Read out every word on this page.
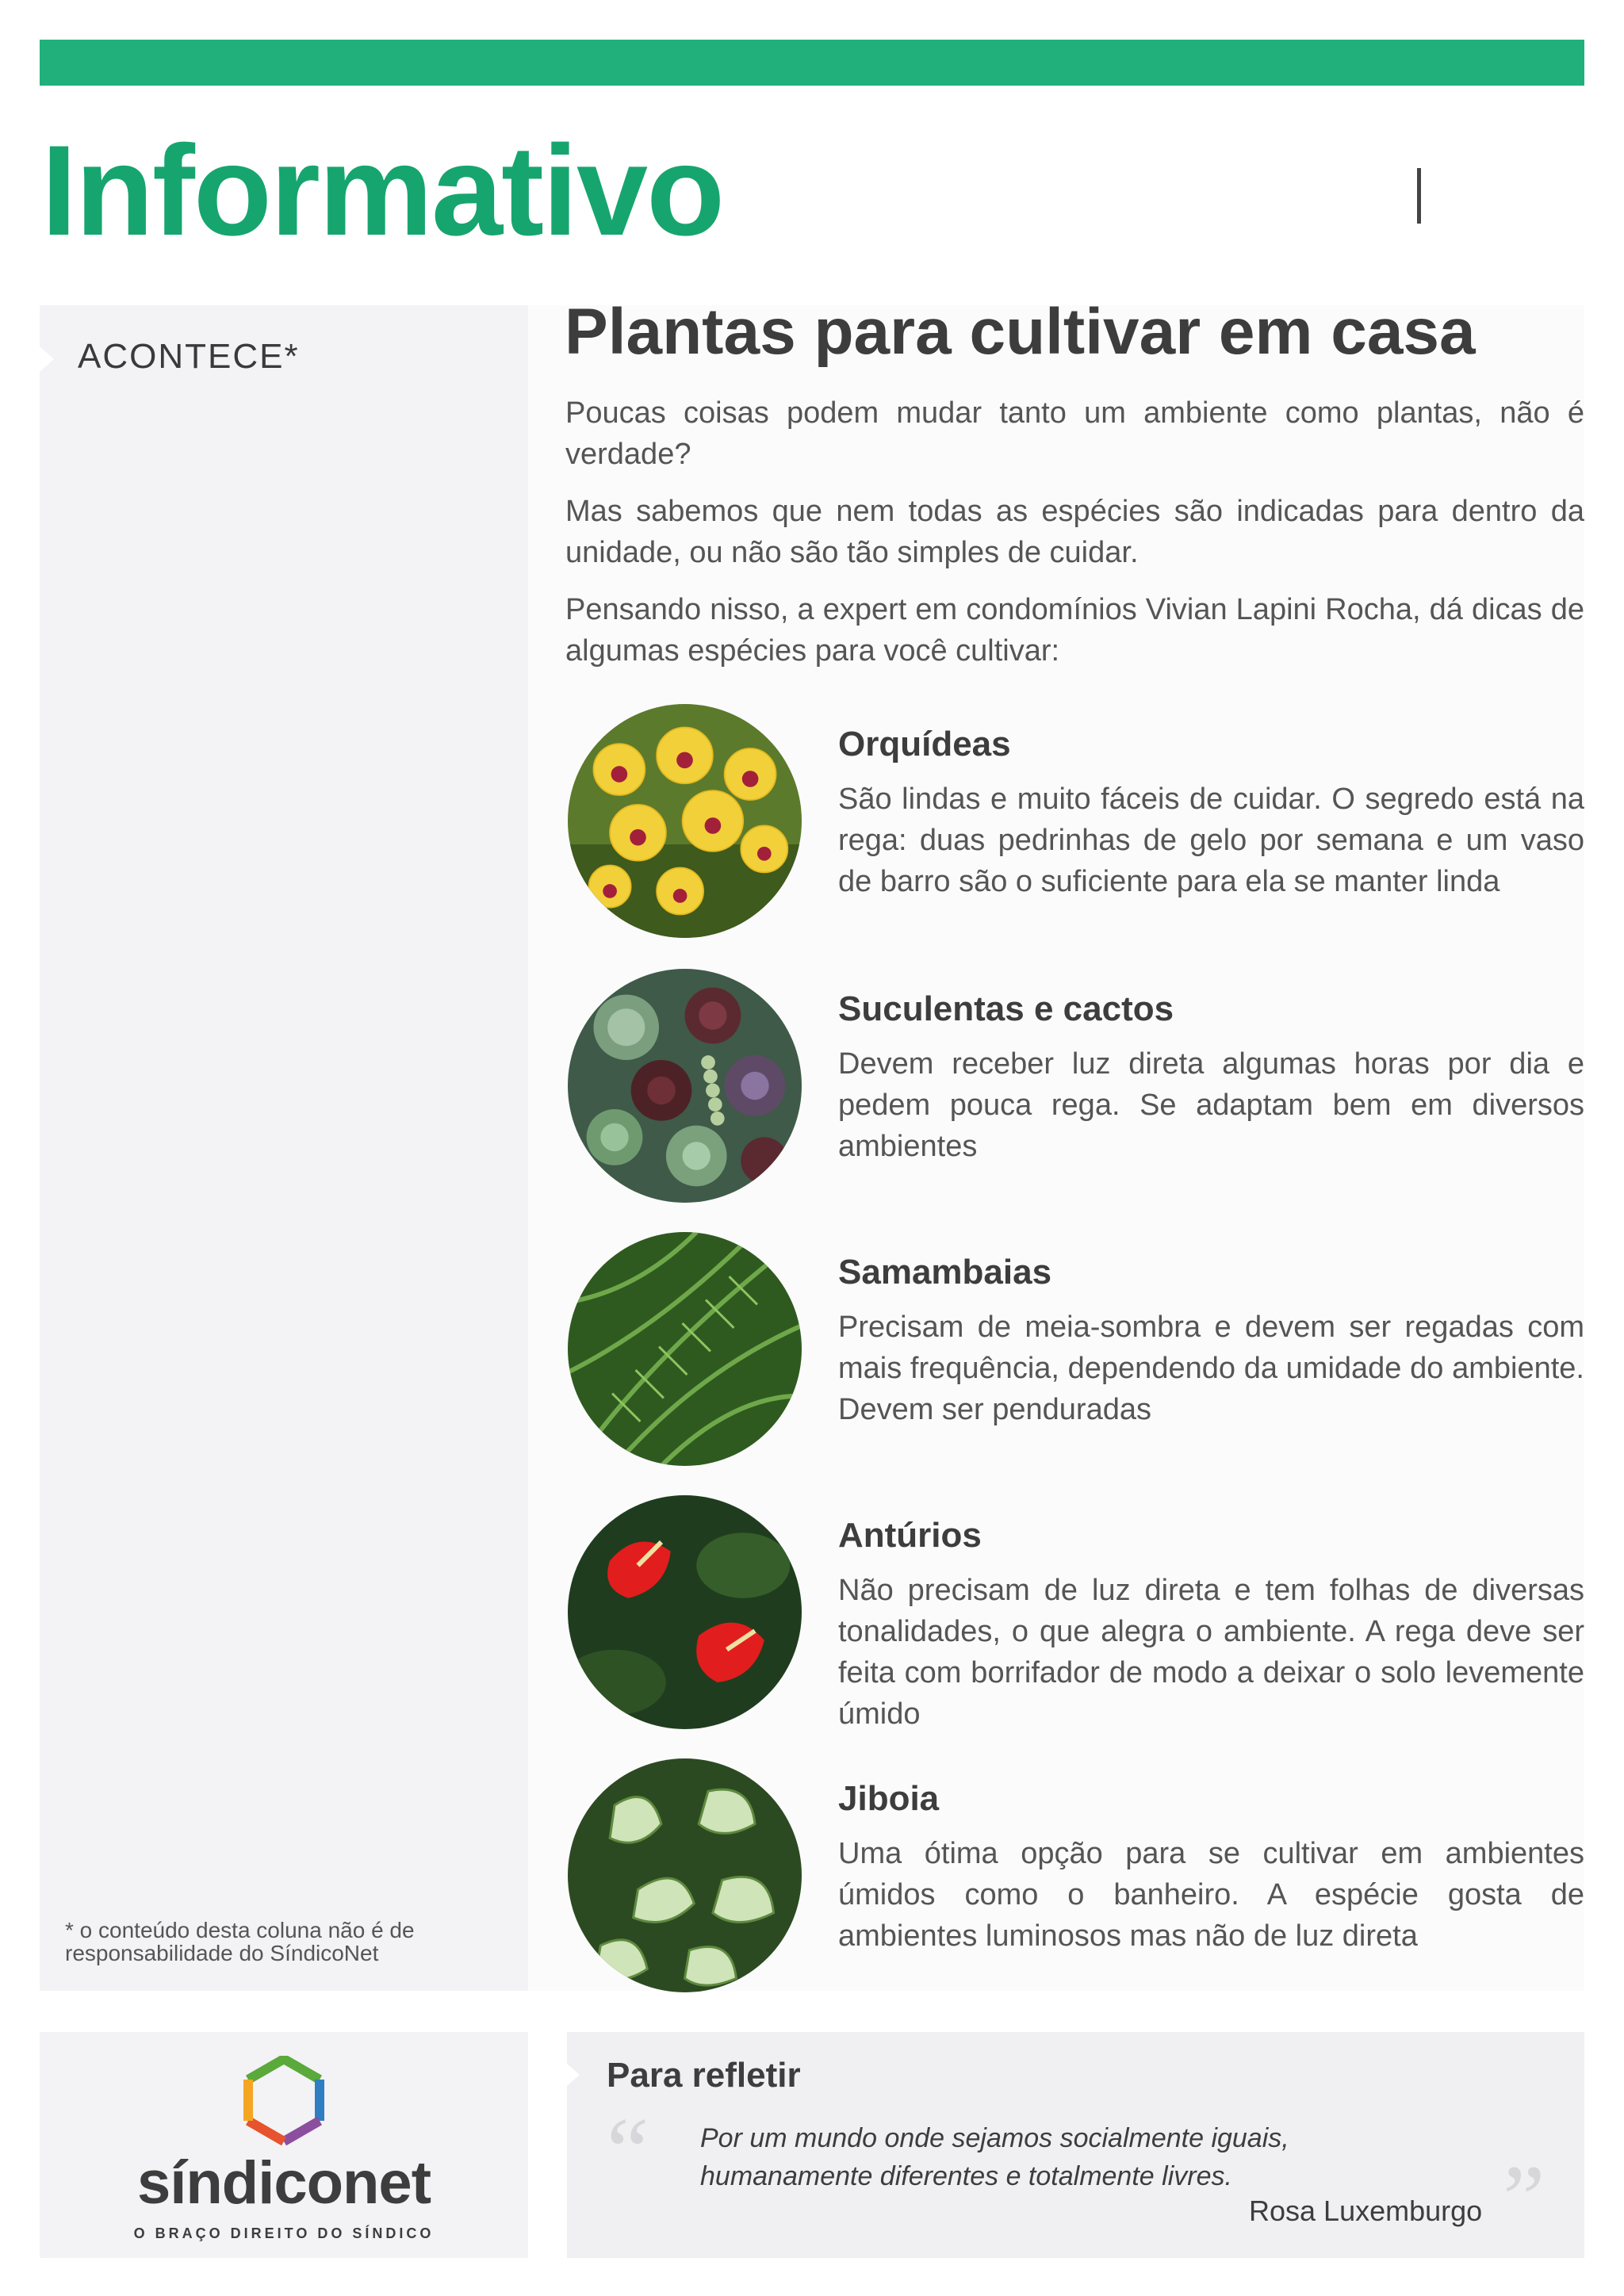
Informativo
ACONTECE*
* o conteúdo desta coluna não é de responsabilidade do SíndicoNet
Plantas para cultivar em casa

Poucas coisas podem mudar tanto um ambiente como plantas, não é verdade?

Mas sabemos que nem todas as espécies são indicadas para dentro da unidade, ou não são tão simples de cuidar.

Pensando nisso, a expert em condomínios Vivian Lapini Rocha, dá dicas de algumas espécies para você cultivar:

Orquídeas

São lindas e muito fáceis de cuidar. O segredo está na rega: duas pedrinhas de gelo por semana e um vaso de barro são o suficiente para ela se manter linda

Suculentas e cactos

Devem receber luz direta algumas horas por dia e pedem pouca rega. Se adaptam bem em diversos ambientes

Samambaias

Precisam de meia-sombra e devem ser regadas com mais frequência, dependendo da umidade do ambiente. Devem ser penduradas

Antúrios

Não precisam de luz direta e tem folhas de diversas tonalidades, o que alegra o ambiente. A rega deve ser feita com borrifador de modo a deixar o solo levemente úmido

Jiboia

Uma ótima opção para se cultivar em ambientes úmidos como o banheiro. A espécie gosta de ambientes luminosos mas não de luz direta

síndiconet
O BRAÇO DIREITO DO SÍNDICO
Para refletir
“ Por um mundo onde sejamos socialmente iguais, humanamente diferentes e totalmente livres.

Rosa Luxemburgo ”
